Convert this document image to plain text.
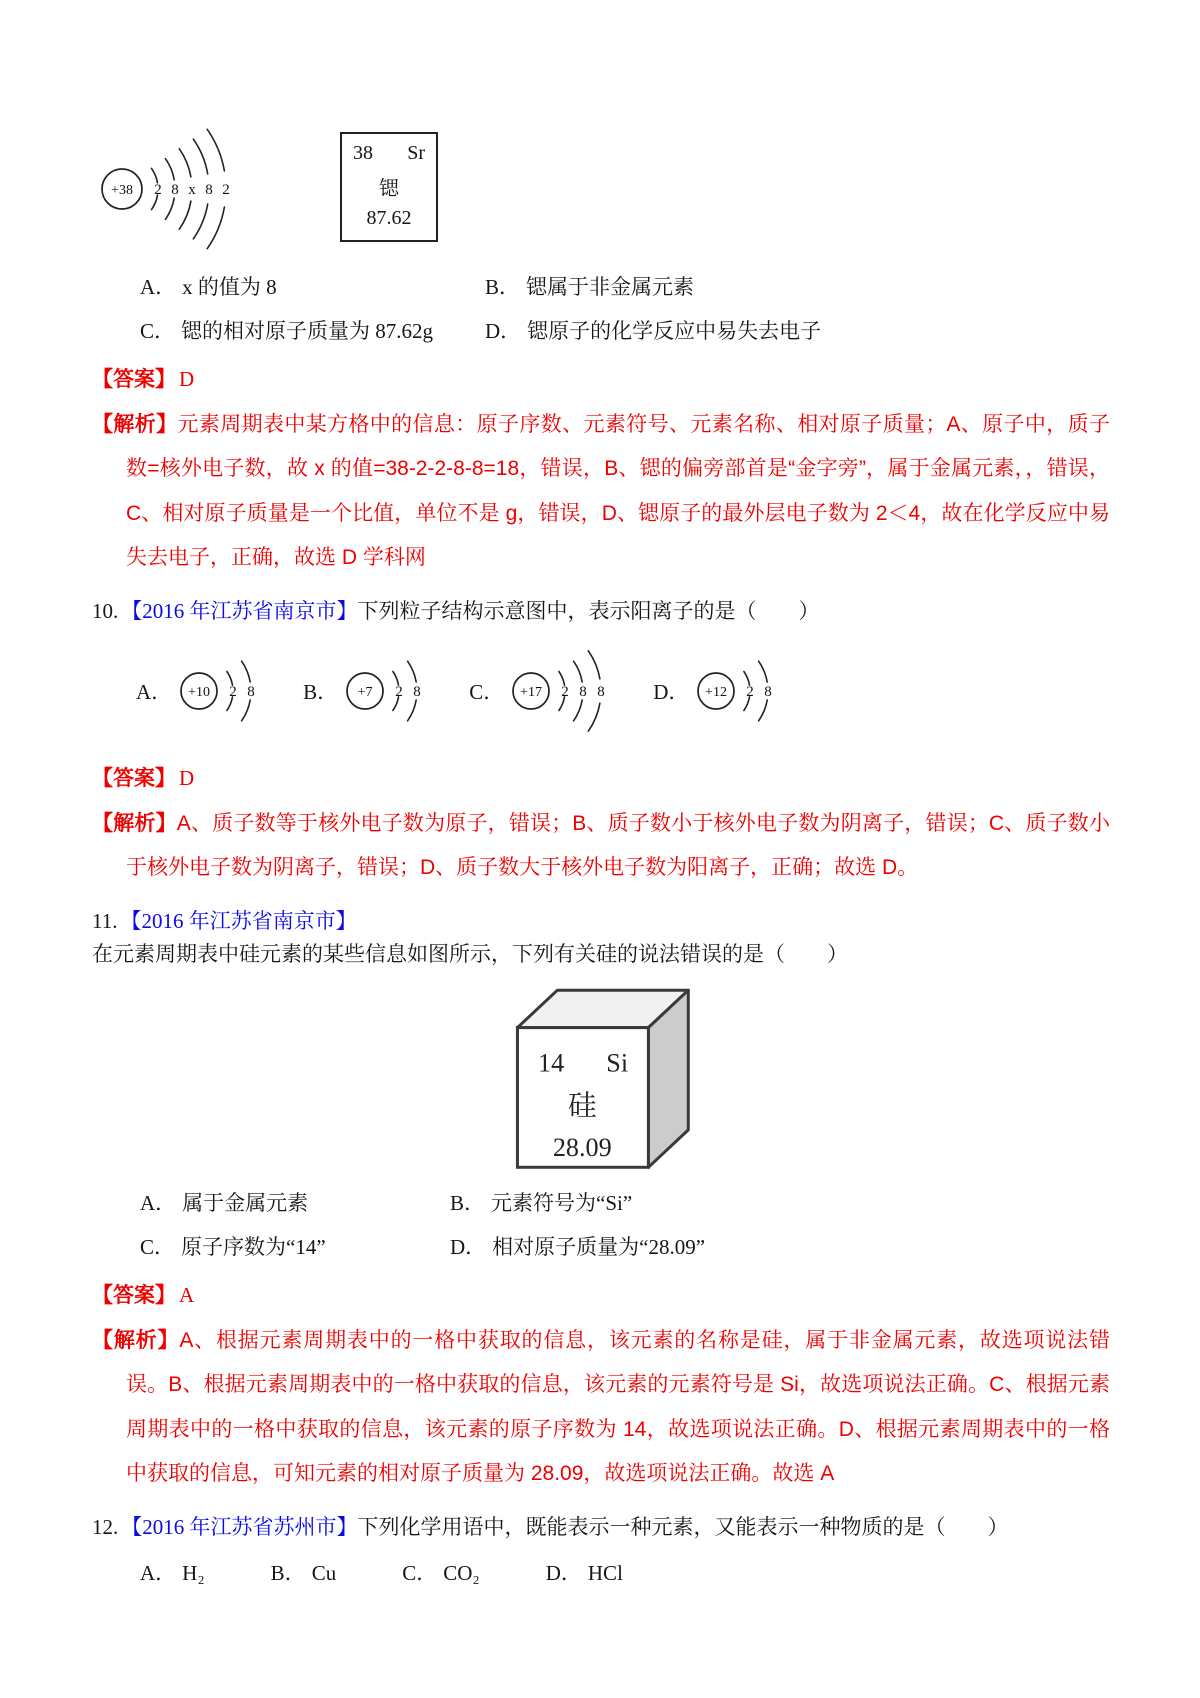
+38 2 8 x 8 2
38 Sr
锶
87.62
A． x 的值为 8	B． 锶属于非金属元素
C． 锶的相对原子质量为 87.62g	D． 锶原子的化学反应中易失去电子
【答案】 D
【解析】元素周期表中某方格中的信息：原子序数、元素符号、元素名称、相对原子质量；A、原子中，质子数=核外电子数，故 x 的值=38-2-2-8-8=18，错误，B、锶的偏旁部首是“金字旁”，属于金属元素，，错误，C、相对原子质量是一个比值，单位不是 g，错误，D、锶原子的最外层电子数为 2＜4，故在化学反应中易失去电子，正确，故选 D 学科网
10. 【2016 年江苏省南京市】下列粒子结构示意图中，表示阳离子的是（　　）
A． +10 2 8 B． +7 2 8 C． +17 2 8 8 D． +12 2 8
【答案】 D
【解析】A、质子数等于核外电子数为原子，错误；B、质子数小于核外电子数为阴离子，错误；C、质子数小于核外电子数为阴离子，错误；D、质子数大于核外电子数为阳离子，正确；故选 D。
11. 【2016 年江苏省南京市】在元素周期表中硅元素的某些信息如图所示，下列有关硅的说法错误的是（　　）
14 Si
硅
28.09
A． 属于金属元素	B． 元素符号为“Si”
C． 原子序数为“14”	D． 相对原子质量为“28.09”
【答案】 A
【解析】A、根据元素周期表中的一格中获取的信息，该元素的名称是硅，属于非金属元素，故选项说法错误。B、根据元素周期表中的一格中获取的信息，该元素的元素符号是 Si，故选项说法正确。C、根据元素周期表中的一格中获取的信息，该元素的原子序数为 14，故选项说法正确。D、根据元素周期表中的一格中获取的信息，可知元素的相对原子质量为 28.09，故选项说法正确。故选 A
12. 【2016 年江苏省苏州市】下列化学用语中，既能表示一种元素，又能表示一种物质的是（　　）
A． H₂	B． Cu	C． CO₂	D． HCl
